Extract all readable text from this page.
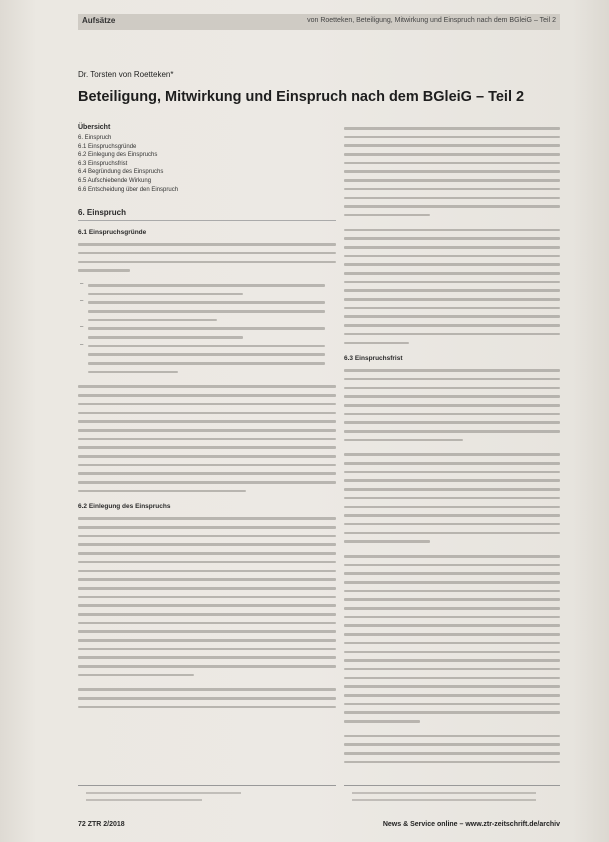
Aufsätze	von Roetteken, Beteiligung, Mitwirkung und Einspruch nach dem BGleiG – Teil 2
Dr. Torsten von Roetteken*
Beteiligung, Mitwirkung und Einspruch nach dem BGleiG – Teil 2
Übersicht
6. Einspruch
6.1 Einspruchsgründe
6.2 Einlegung des Einspruchs
6.3 Einspruchsfrist
6.4 Begründung des Einspruchs
6.5 Aufschiebende Wirkung
6.6 Entscheidung über den Einspruch
6. Einspruch
6.1 Einspruchsgründe
–
–
–
–
6.2 Einlegung des Einspruchs
6.3 Einspruchsfrist
72 ZTR 2/2018	News & Service online – www.ztr-zeitschrift.de/archiv
